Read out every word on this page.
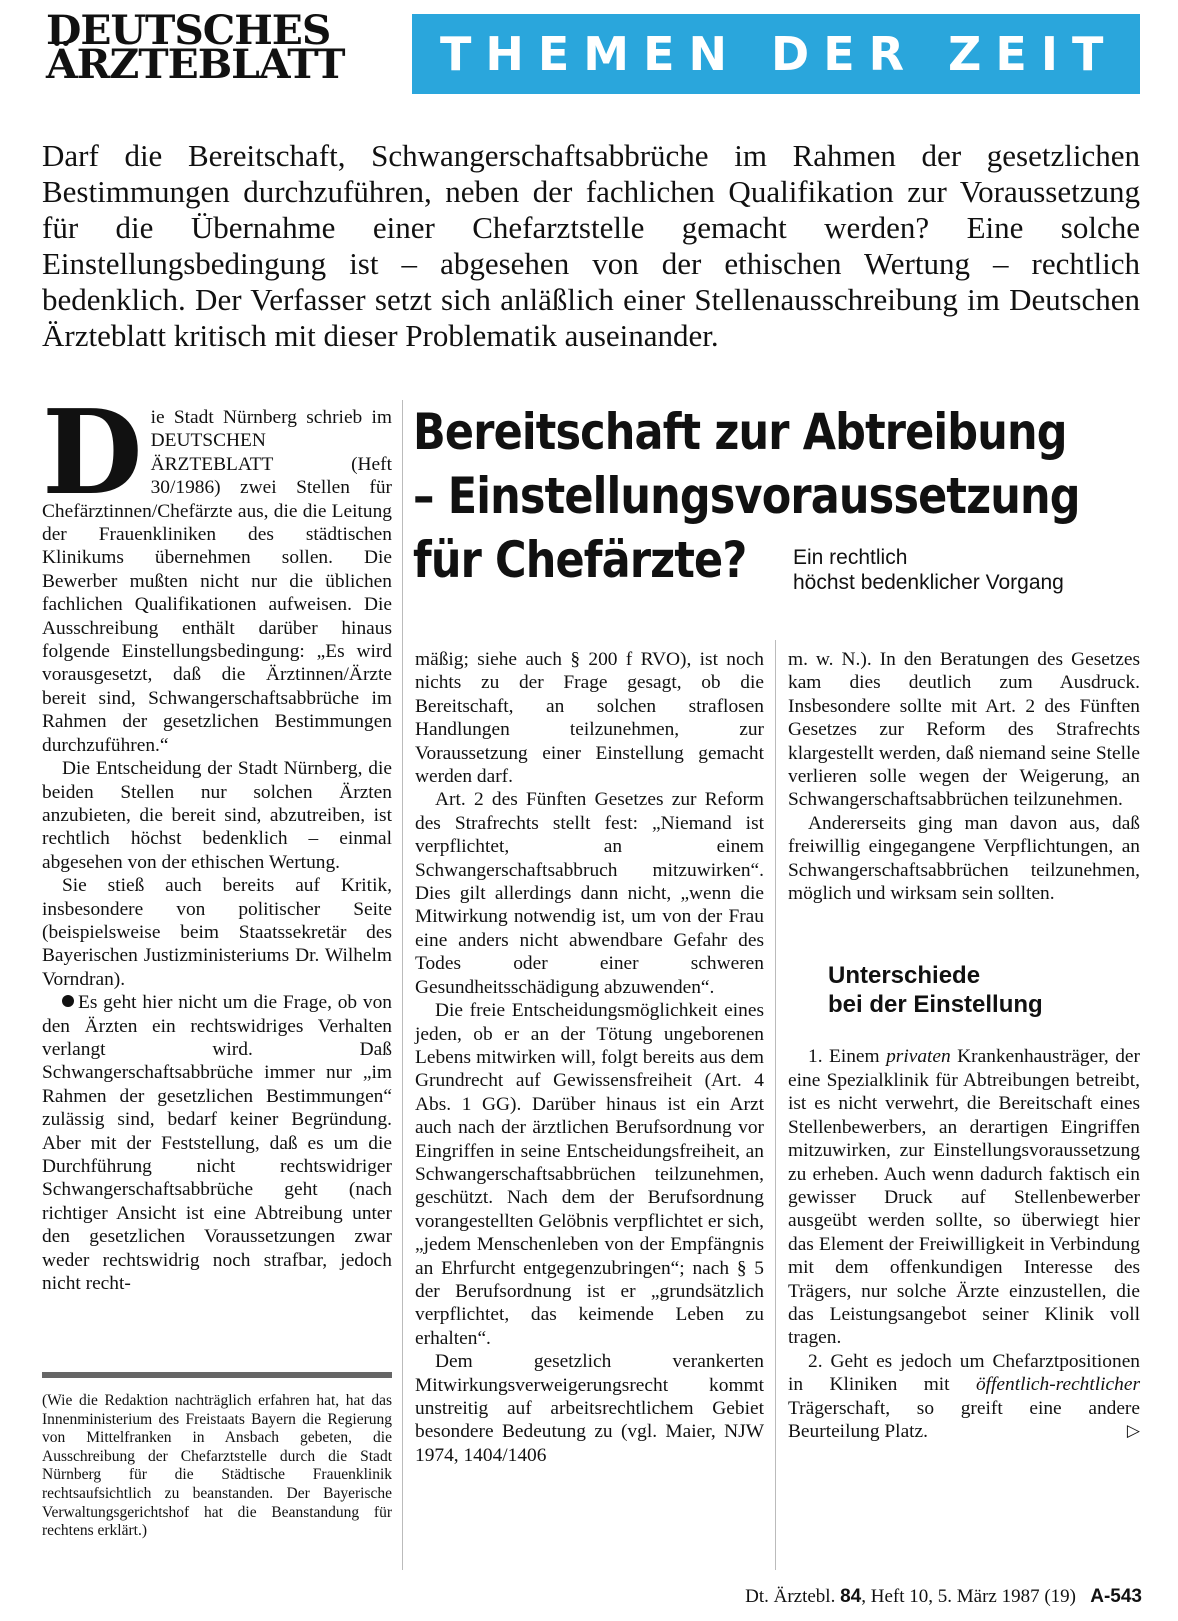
DEUTSCHES
ÄRZTEBLATT	THEMEN DER ZEIT

Darf die Bereitschaft, Schwangerschaftsabbrüche im Rahmen der gesetzlichen Bestimmungen durchzuführen, neben der fachlichen Qualifikation zur Voraussetzung für die Übernahme einer Chefarztstelle gemacht werden? Eine solche Einstellungsbedingung ist – abgesehen von der ethischen Wertung – rechtlich bedenklich. Der Verfasser setzt sich anläßlich einer Stellenausschreibung im Deutschen Ärzteblatt kritisch mit dieser Problematik auseinander.

Die Stadt Nürnberg schrieb im DEUTSCHEN ÄRZTEBLATT (Heft 30/1986) zwei Stellen für Chefärztinnen/Chefärzte aus, die die Leitung der Frauenkliniken des städtischen Klinikums übernehmen sollen. Die Bewerber mußten nicht nur die üblichen fachlichen Qualifikationen aufweisen. Die Ausschreibung enthält darüber hinaus folgende Einstellungsbedingung: „Es wird vorausgesetzt, daß die Ärztinnen/Ärzte bereit sind, Schwangerschaftsabbrüche im Rahmen der gesetzlichen Bestimmungen durchzuführen.“

Die Entscheidung der Stadt Nürnberg, die beiden Stellen nur solchen Ärzten anzubieten, die bereit sind, abzutreiben, ist rechtlich höchst bedenklich – einmal abgesehen von der ethischen Wertung.

Sie stieß auch bereits auf Kritik, insbesondere von politischer Seite (beispielsweise beim Staatssekretär des Bayerischen Justizministeriums Dr. Wilhelm Vorndran).

Es geht hier nicht um die Frage, ob von den Ärzten ein rechtswidriges Verhalten verlangt wird. Daß Schwangerschaftsabbrüche immer nur „im Rahmen der gesetzlichen Bestimmungen“ zulässig sind, bedarf keiner Begründung. Aber mit der Feststellung, daß es um die Durchführung nicht rechtswidriger Schwangerschaftsabbrüche geht (nach richtiger Ansicht ist eine Abtreibung unter den gesetzlichen Voraussetzungen zwar weder rechtswidrig noch strafbar, jedoch nicht recht-

(Wie die Redaktion nachträglich erfahren hat, hat das Innenministerium des Freistaats Bayern die Regierung von Mittelfranken in Ansbach gebeten, die Ausschreibung der Chefarztstelle durch die Stadt Nürnberg für die Städtische Frauenklinik rechtsaufsichtlich zu beanstanden. Der Bayerische Verwaltungsgerichtshof hat die Beanstandung für rechtens erklärt.)
Bereitschaft zur Abtreibung
– Einstellungsvoraussetzung
für Chefärzte?	Ein rechtlich
höchst bedenklicher Vorgang

mäßig; siehe auch § 200 f RVO), ist noch nichts zu der Frage gesagt, ob die Bereitschaft, an solchen straflosen Handlungen teilzunehmen, zur Voraussetzung einer Einstellung gemacht werden darf.

Art. 2 des Fünften Gesetzes zur Reform des Strafrechts stellt fest: „Niemand ist verpflichtet, an einem Schwangerschaftsabbruch mitzuwirken“. Dies gilt allerdings dann nicht, „wenn die Mitwirkung notwendig ist, um von der Frau eine anders nicht abwendbare Gefahr des Todes oder einer schweren Gesundheitsschädigung abzuwenden“.

Die freie Entscheidungsmöglichkeit eines jeden, ob er an der Tötung ungeborenen Lebens mitwirken will, folgt bereits aus dem Grundrecht auf Gewissensfreiheit (Art. 4 Abs. 1 GG). Darüber hinaus ist ein Arzt auch nach der ärztlichen Berufsordnung vor Eingriffen in seine Entscheidungsfreiheit, an Schwangerschaftsabbrüchen teilzunehmen, geschützt. Nach dem der Berufsordnung vorangestellten Gelöbnis verpflichtet er sich, „jedem Menschenleben von der Empfängnis an Ehrfurcht entgegenzubringen“; nach § 5 der Berufsordnung ist er „grundsätzlich verpflichtet, das keimende Leben zu erhalten“.

Dem gesetzlich verankerten Mitwirkungsverweigerungsrecht kommt unstreitig auf arbeitsrechtlichem Gebiet besondere Bedeutung zu (vgl. Maier, NJW 1974, 1404/1406

m. w. N.). In den Beratungen des Gesetzes kam dies deutlich zum Ausdruck. Insbesondere sollte mit Art. 2 des Fünften Gesetzes zur Reform des Strafrechts klargestellt werden, daß niemand seine Stelle verlieren solle wegen der Weigerung, an Schwangerschaftsabbrüchen teilzunehmen.

Andererseits ging man davon aus, daß freiwillig eingegangene Verpflichtungen, an Schwangerschaftsabbrüchen teilzunehmen, möglich und wirksam sein sollten.

Unterschiede
bei der Einstellung

1. Einem privaten Krankenhausträger, der eine Spezialklinik für Abtreibungen betreibt, ist es nicht verwehrt, die Bereitschaft eines Stellenbewerbers, an derartigen Eingriffen mitzuwirken, zur Einstellungsvoraussetzung zu erheben. Auch wenn dadurch faktisch ein gewisser Druck auf Stellenbewerber ausgeübt werden sollte, so überwiegt hier das Element der Freiwilligkeit in Verbindung mit dem offenkundigen Interesse des Trägers, nur solche Ärzte einzustellen, die das Leistungsangebot seiner Klinik voll tragen.

2. Geht es jedoch um Chefarztpositionen in Kliniken mit öffentlich-rechtlicher Trägerschaft, so greift eine andere Beurteilung Platz.	▷

Dt. Ärztebl. 84, Heft 10, 5. März 1987 (19) A-543
